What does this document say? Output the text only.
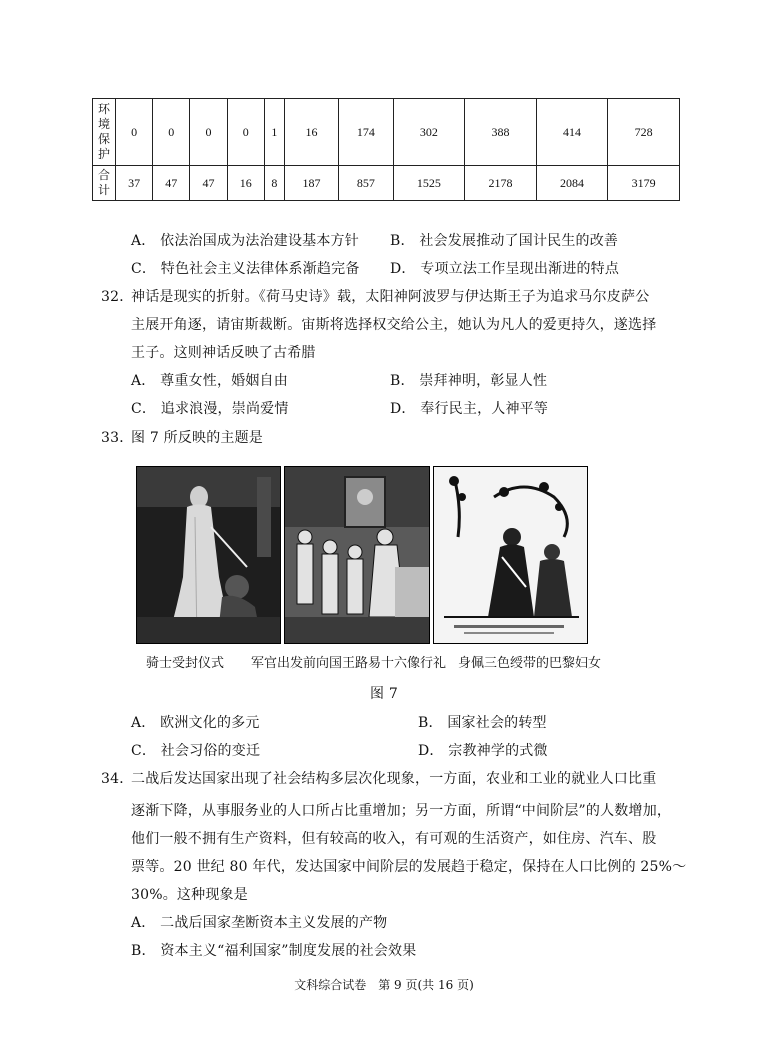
环境保护	0	0	0	0	1	16	174	302	388	414	728
合计	37	47	47	16	8	187	857	1525	2178	2084	3179
A． 依法治国成为法治建设基本方针 B． 社会发展推动了国计民生的改善
C． 特色社会主义法律体系渐趋完备 D． 专项立法工作呈现出渐进的特点
32．
神话是现实的折射。《荷马史诗》载，太阳神阿波罗与伊达斯王子为追求马尔皮萨公
主展开角逐，请宙斯裁断。宙斯将选择权交给公主，她认为凡人的爱更持久，遂选择
王子。这则神话反映了古希腊
A． 尊重女性，婚姻自由	B． 崇拜神明，彰显人性
C． 追求浪漫，崇尚爱情	D． 奉行民主，人神平等
33．
图 7 所反映的主题是
骑士受封仪式 军官出发前向国王路易十六像行礼 身佩三色绶带的巴黎妇女
图 7
A． 欧洲文化的多元	B． 国家社会的转型
C． 社会习俗的变迁	D． 宗教神学的式微
34．
二战后发达国家出现了社会结构多层次化现象，一方面，农业和工业的就业人口比重
逐渐下降，从事服务业的人口所占比重增加；另一方面，所谓“中间阶层”的人数增加，
他们一般不拥有生产资料，但有较高的收入，有可观的生活资产，如住房、汽车、股
票等。20 世纪 80 年代，发达国家中间阶层的发展趋于稳定，保持在人口比例的 25%～
30%。这种现象是
A． 二战后国家垄断资本主义发展的产物
B． 资本主义“福利国家”制度发展的社会效果
文科综合试卷　第 9 页(共 16 页)
